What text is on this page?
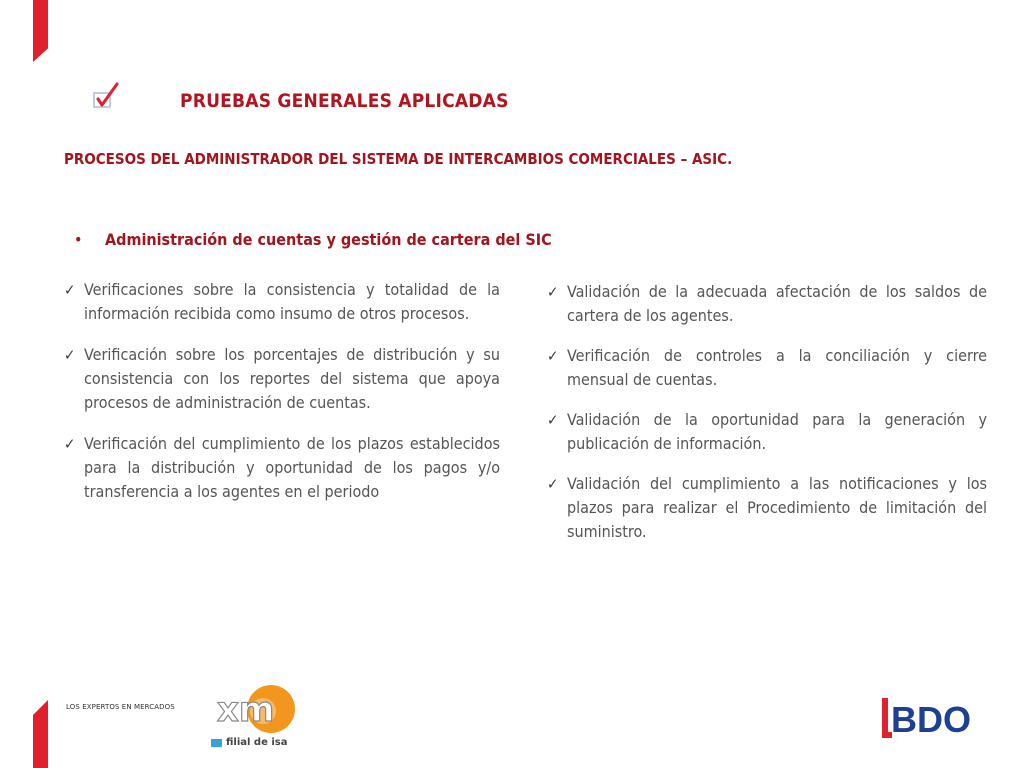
PRUEBAS GENERALES APLICADAS
PROCESOS DEL ADMINISTRADOR DEL SISTEMA DE INTERCAMBIOS COMERCIALES – ASIC.
• Administración de cuentas y gestión de cartera del SIC
✓ Verificaciones sobre la consistencia y totalidad de la información recibida como insumo de otros procesos.
✓ Verificación sobre los porcentajes de distribución y su consistencia con los reportes del sistema que apoya procesos de administración de cuentas.
✓ Verificación del cumplimiento de los plazos establecidos para la distribución y oportunidad de los pagos y/o transferencia a los agentes en el periodo
✓ Validación de la adecuada afectación de los saldos de cartera de los agentes.
✓ Verificación de controles a la conciliación y cierre mensual de cuentas.
✓ Validación de la oportunidad para la generación y publicación de información.
✓ Validación del cumplimiento a las notificaciones y los plazos para realizar el Procedimiento de limitación del suministro.
LOS EXPERTOS EN MERCADOS xm
filial de isa
BDO
